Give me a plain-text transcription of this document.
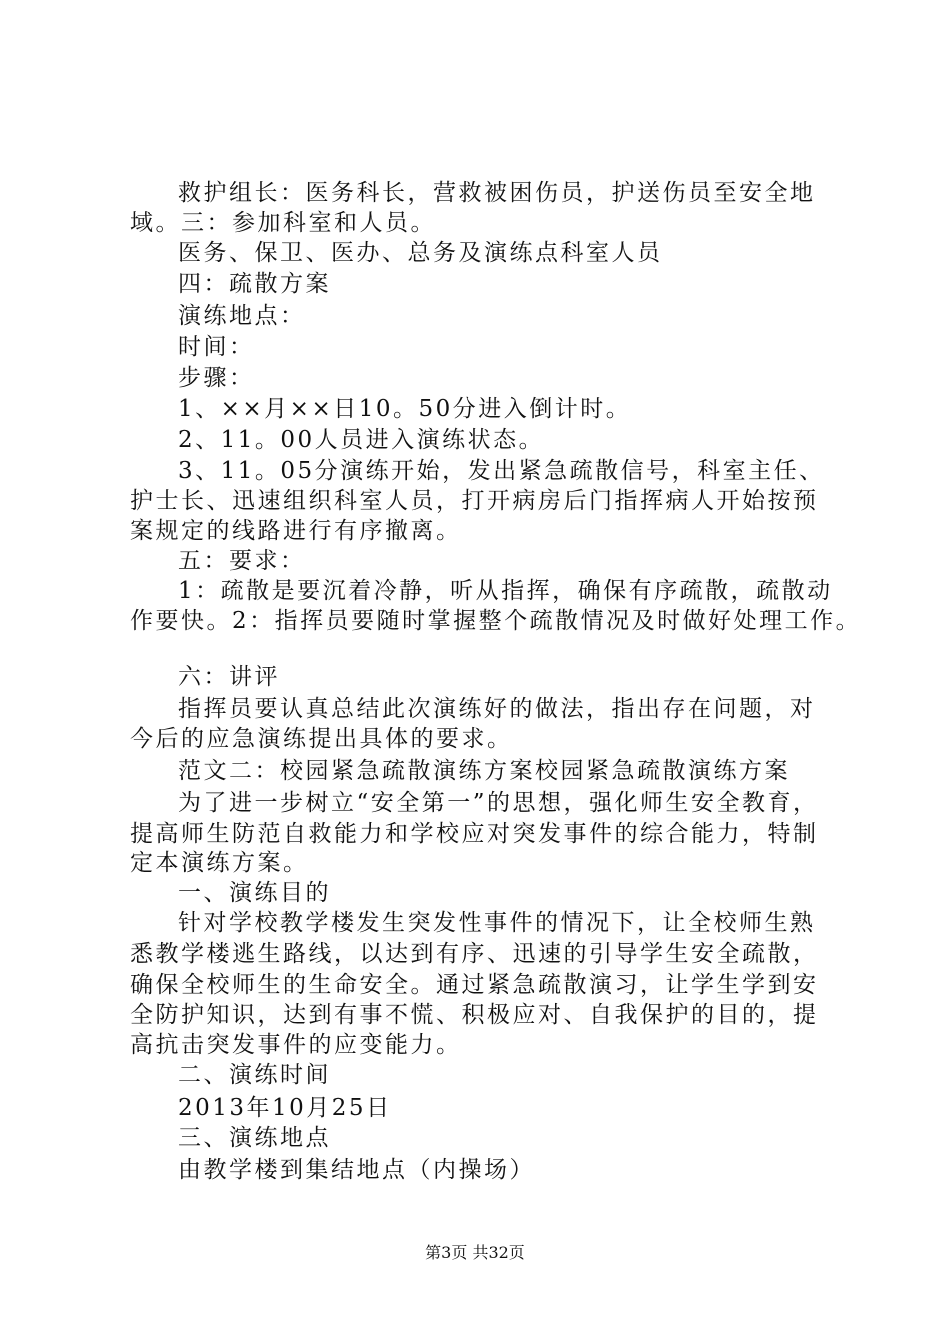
救护组长：医务科长，营救被困伤员，护送伤员至安全地
域。三：参加科室和人员。
医务、保卫、医办、总务及演练点科室人员
四：疏散方案
演练地点：
时间：
步骤：
1、××月××日10。50分进入倒计时。
2、11。00人员进入演练状态。
3、11。05分演练开始，发出紧急疏散信号，科室主任、
护士长、迅速组织科室人员，打开病房后门指挥病人开始按预
案规定的线路进行有序撤离。
五：要求：
1：疏散是要沉着冷静，听从指挥，确保有序疏散，疏散动
作要快。2：指挥员要随时掌握整个疏散情况及时做好处理工作。
六：讲评
指挥员要认真总结此次演练好的做法，指出存在问题，对
今后的应急演练提出具体的要求。
范文二：校园紧急疏散演练方案校园紧急疏散演练方案
为了进一步树立“安全第一”的思想，强化师生安全教育，
提高师生防范自救能力和学校应对突发事件的综合能力，特制
定本演练方案。
一、演练目的
针对学校教学楼发生突发性事件的情况下，让全校师生熟
悉教学楼逃生路线，以达到有序、迅速的引导学生安全疏散，
确保全校师生的生命安全。通过紧急疏散演习，让学生学到安
全防护知识，达到有事不慌、积极应对、自我保护的目的，提
高抗击突发事件的应变能力。
二、演练时间
2013年10月25日
三、演练地点
由教学楼到集结地点（内操场）
第3页 共32页
